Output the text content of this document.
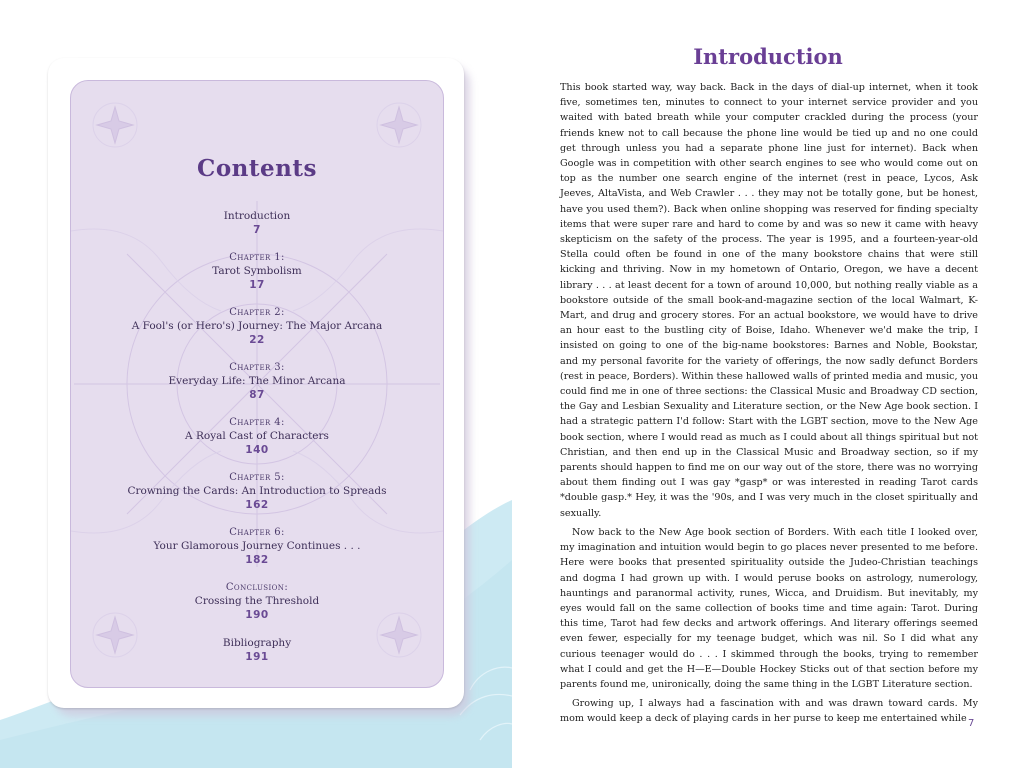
Contents
Introduction
7
Chapter 1:
Tarot Symbolism
17
Chapter 2:
A Fool's (or Hero's) Journey: The Major Arcana
22
Chapter 3:
Everyday Life: The Minor Arcana
87
Chapter 4:
A Royal Cast of Characters
140
Chapter 5:
Crowning the Cards: An Introduction to Spreads
162
Chapter 6:
Your Glamorous Journey Continues . . .
182
Conclusion:
Crossing the Threshold
190
Bibliography
191
Introduction

This book started way, way back. Back in the days of dial-up internet, when it took five, sometimes ten, minutes to connect to your internet service provider and you waited with bated breath while your computer crackled during the process (your friends knew not to call because the phone line would be tied up and no one could get through unless you had a separate phone line just for internet). Back when Google was in competition with other search engines to see who would come out on top as the number one search engine of the internet (rest in peace, Lycos, Ask Jeeves, AltaVista, and Web Crawler . . . they may not be totally gone, but be honest, have you used them?). Back when online shopping was reserved for finding specialty items that were super rare and hard to come by and was so new it came with heavy skepticism on the safety of the process. The year is 1995, and a fourteen-year-old Stella could often be found in one of the many bookstore chains that were still kicking and thriving. Now in my hometown of Ontario, Oregon, we have a decent library . . . at least decent for a town of around 10,000, but nothing really viable as a bookstore outside of the small book-and-magazine section of the local Walmart, K-Mart, and drug and grocery stores. For an actual bookstore, we would have to drive an hour east to the bustling city of Boise, Idaho. Whenever we'd make the trip, I insisted on going to one of the big-name bookstores: Barnes and Noble, Bookstar, and my personal favorite for the variety of offerings, the now sadly defunct Borders (rest in peace, Borders). Within these hallowed walls of printed media and music, you could find me in one of three sections: the Classical Music and Broadway CD section, the Gay and Lesbian Sexuality and Literature section, or the New Age book section. I had a strategic pattern I'd follow: Start with the LGBT section, move to the New Age book section, where I would read as much as I could about all things spiritual but not Christian, and then end up in the Classical Music and Broadway section, so if my parents should happen to find me on our way out of the store, there was no worrying about them finding out I was gay *gasp* or was interested in reading Tarot cards *double gasp.* Hey, it was the '90s, and I was very much in the closet spiritually and sexually.

Now back to the New Age book section of Borders. With each title I looked over, my imagination and intuition would begin to go places never presented to me before. Here were books that presented spirituality outside the Judeo-Christian teachings and dogma I had grown up with. I would peruse books on astrology, numerology, hauntings and paranormal activity, runes, Wicca, and Druidism. But inevitably, my eyes would fall on the same collection of books time and time again: Tarot. During this time, Tarot had few decks and artwork offerings. And literary offerings seemed even fewer, especially for my teenage budget, which was nil. So I did what any curious teenager would do . . . I skimmed through the books, trying to remember what I could and get the H—E—Double Hockey Sticks out of that section before my parents found me, unironically, doing the same thing in the LGBT Literature section.

Growing up, I always had a fascination with and was drawn toward cards. My mom would keep a deck of playing cards in her purse to keep me entertained while 7
